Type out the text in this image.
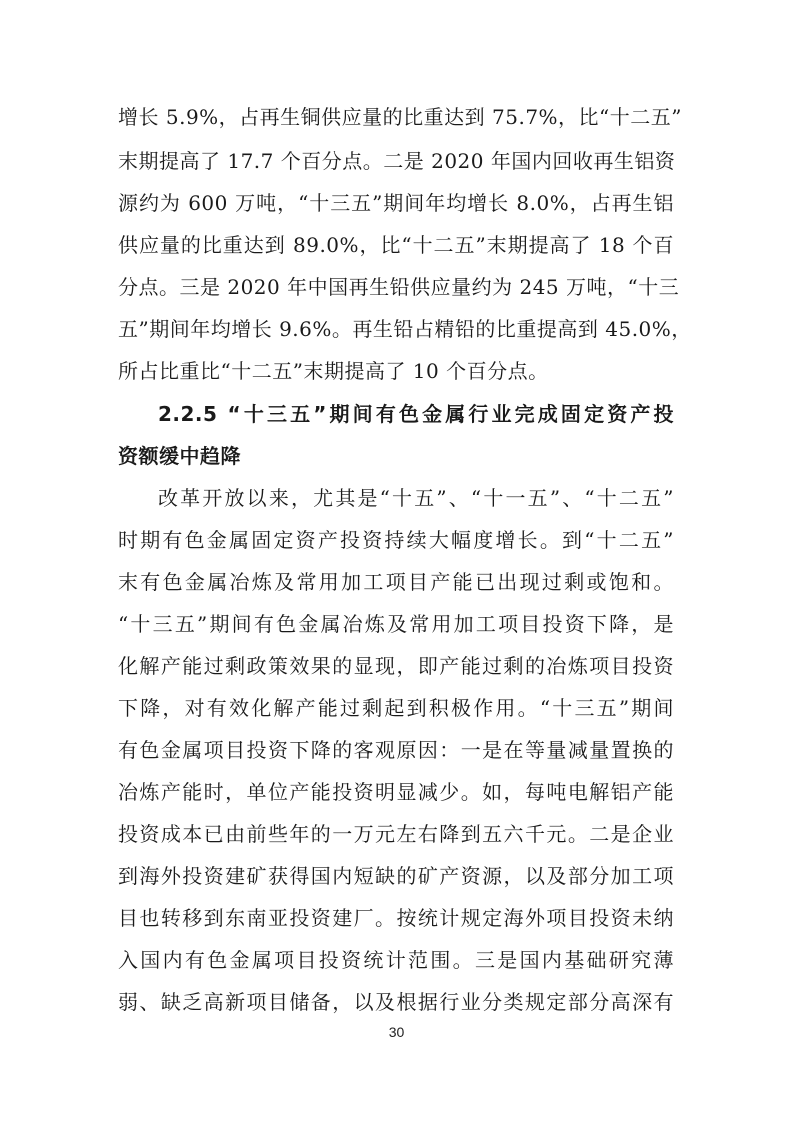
增长 5.9%，占再生铜供应量的比重达到 75.7%，比“十二五”
末期提高了 17.7 个百分点。二是 2020 年国内回收再生铝资
源约为 600 万吨，“十三五”期间年均增长 8.0%，占再生铝
供应量的比重达到 89.0%，比“十二五”末期提高了 18 个百
分点。三是 2020 年中国再生铅供应量约为 245 万吨，“十三
五”期间年均增长 9.6%。再生铅占精铅的比重提高到 45.0%，
所占比重比“十二五”末期提高了 10 个百分点。
2.2.5 “十三五”期间有色金属行业完成固定资产投
资额缓中趋降
改革开放以来，尤其是“十五”、“十一五”、“十二五”
时期有色金属固定资产投资持续大幅度增长。到“十二五”
末有色金属冶炼及常用加工项目产能已出现过剩或饱和。
“十三五”期间有色金属冶炼及常用加工项目投资下降，是
化解产能过剩政策效果的显现，即产能过剩的冶炼项目投资
下降，对有效化解产能过剩起到积极作用。“十三五”期间
有色金属项目投资下降的客观原因：一是在等量减量置换的
冶炼产能时，单位产能投资明显减少。如，每吨电解铝产能
投资成本已由前些年的一万元左右降到五六千元。二是企业
到海外投资建矿获得国内短缺的矿产资源，以及部分加工项
目也转移到东南亚投资建厂。按统计规定海外项目投资未纳
入国内有色金属项目投资统计范围。三是国内基础研究薄
弱、缺乏高新项目储备，以及根据行业分类规定部分高深有
30
